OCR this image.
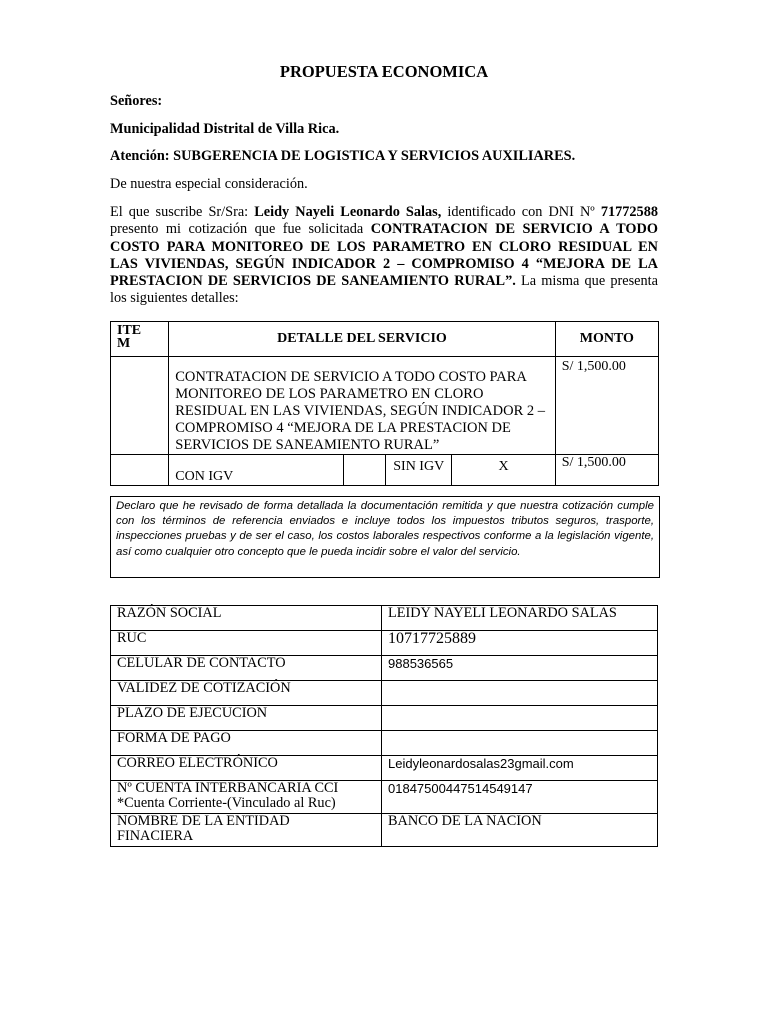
PROPUESTA ECONOMICA
Señores:
Municipalidad Distrital de Villa Rica.
Atención: SUBGERENCIA DE LOGISTICA Y SERVICIOS AUXILIARES.
De nuestra especial consideración.
El que suscribe Sr/Sra: Leidy Nayeli Leonardo Salas, identificado con DNI Nº 71772588 presento mi cotización que fue solicitada CONTRATACION DE SERVICIO A TODO COSTO PARA MONITOREO DE LOS PARAMETRO EN CLORO RESIDUAL EN LAS VIVIENDAS, SEGÚN INDICADOR 2 – COMPROMISO 4 “MEJORA DE LA PRESTACION DE SERVICIOS DE SANEAMIENTO RURAL”. La misma que presenta los siguientes detalles:
ITE M	DETALLE DEL SERVICIO				MONTO

	CONTRATACION DE SERVICIO A TODO COSTO PARA MONITOREO DE LOS PARAMETRO EN CLORO RESIDUAL EN LAS VIVIENDAS, SEGÚN INDICADOR 2 – COMPROMISO 4 “MEJORA DE LA PRESTACION DE SERVICIOS DE SANEAMIENTO RURAL”				S/ 1,500.00
	CON IGV		SIN IGV	X	S/ 1,500.00
Declaro que he revisado de forma detallada la documentación remitida y que nuestra cotización cumple con los términos de referencia enviados e incluye todos los impuestos tributos seguros, trasporte, inspecciones pruebas y de ser el caso, los costos laborales respectivos conforme a la legislación vigente, así como cualquier otro concepto que le pueda incidir sobre el valor del servicio.
RAZÓN SOCIAL	LEIDY NAYELI LEONARDO SALAS
RUC	10717725889
CELULAR DE CONTACTO	988536565
VALIDEZ DE COTIZACIÓN	
PLAZO DE EJECUCION	
FORMA DE PAGO	
CORREO ELECTRÓNICO	Leidyleonardosalas23gmail.com

Nº CUENTA INTERBANCARIA CCI
*Cuenta Corriente-(Vinculado al Ruc)	01847500447514549147

NOMBRE DE LA ENTIDAD
FINACIERA	BANCO DE LA NACION
